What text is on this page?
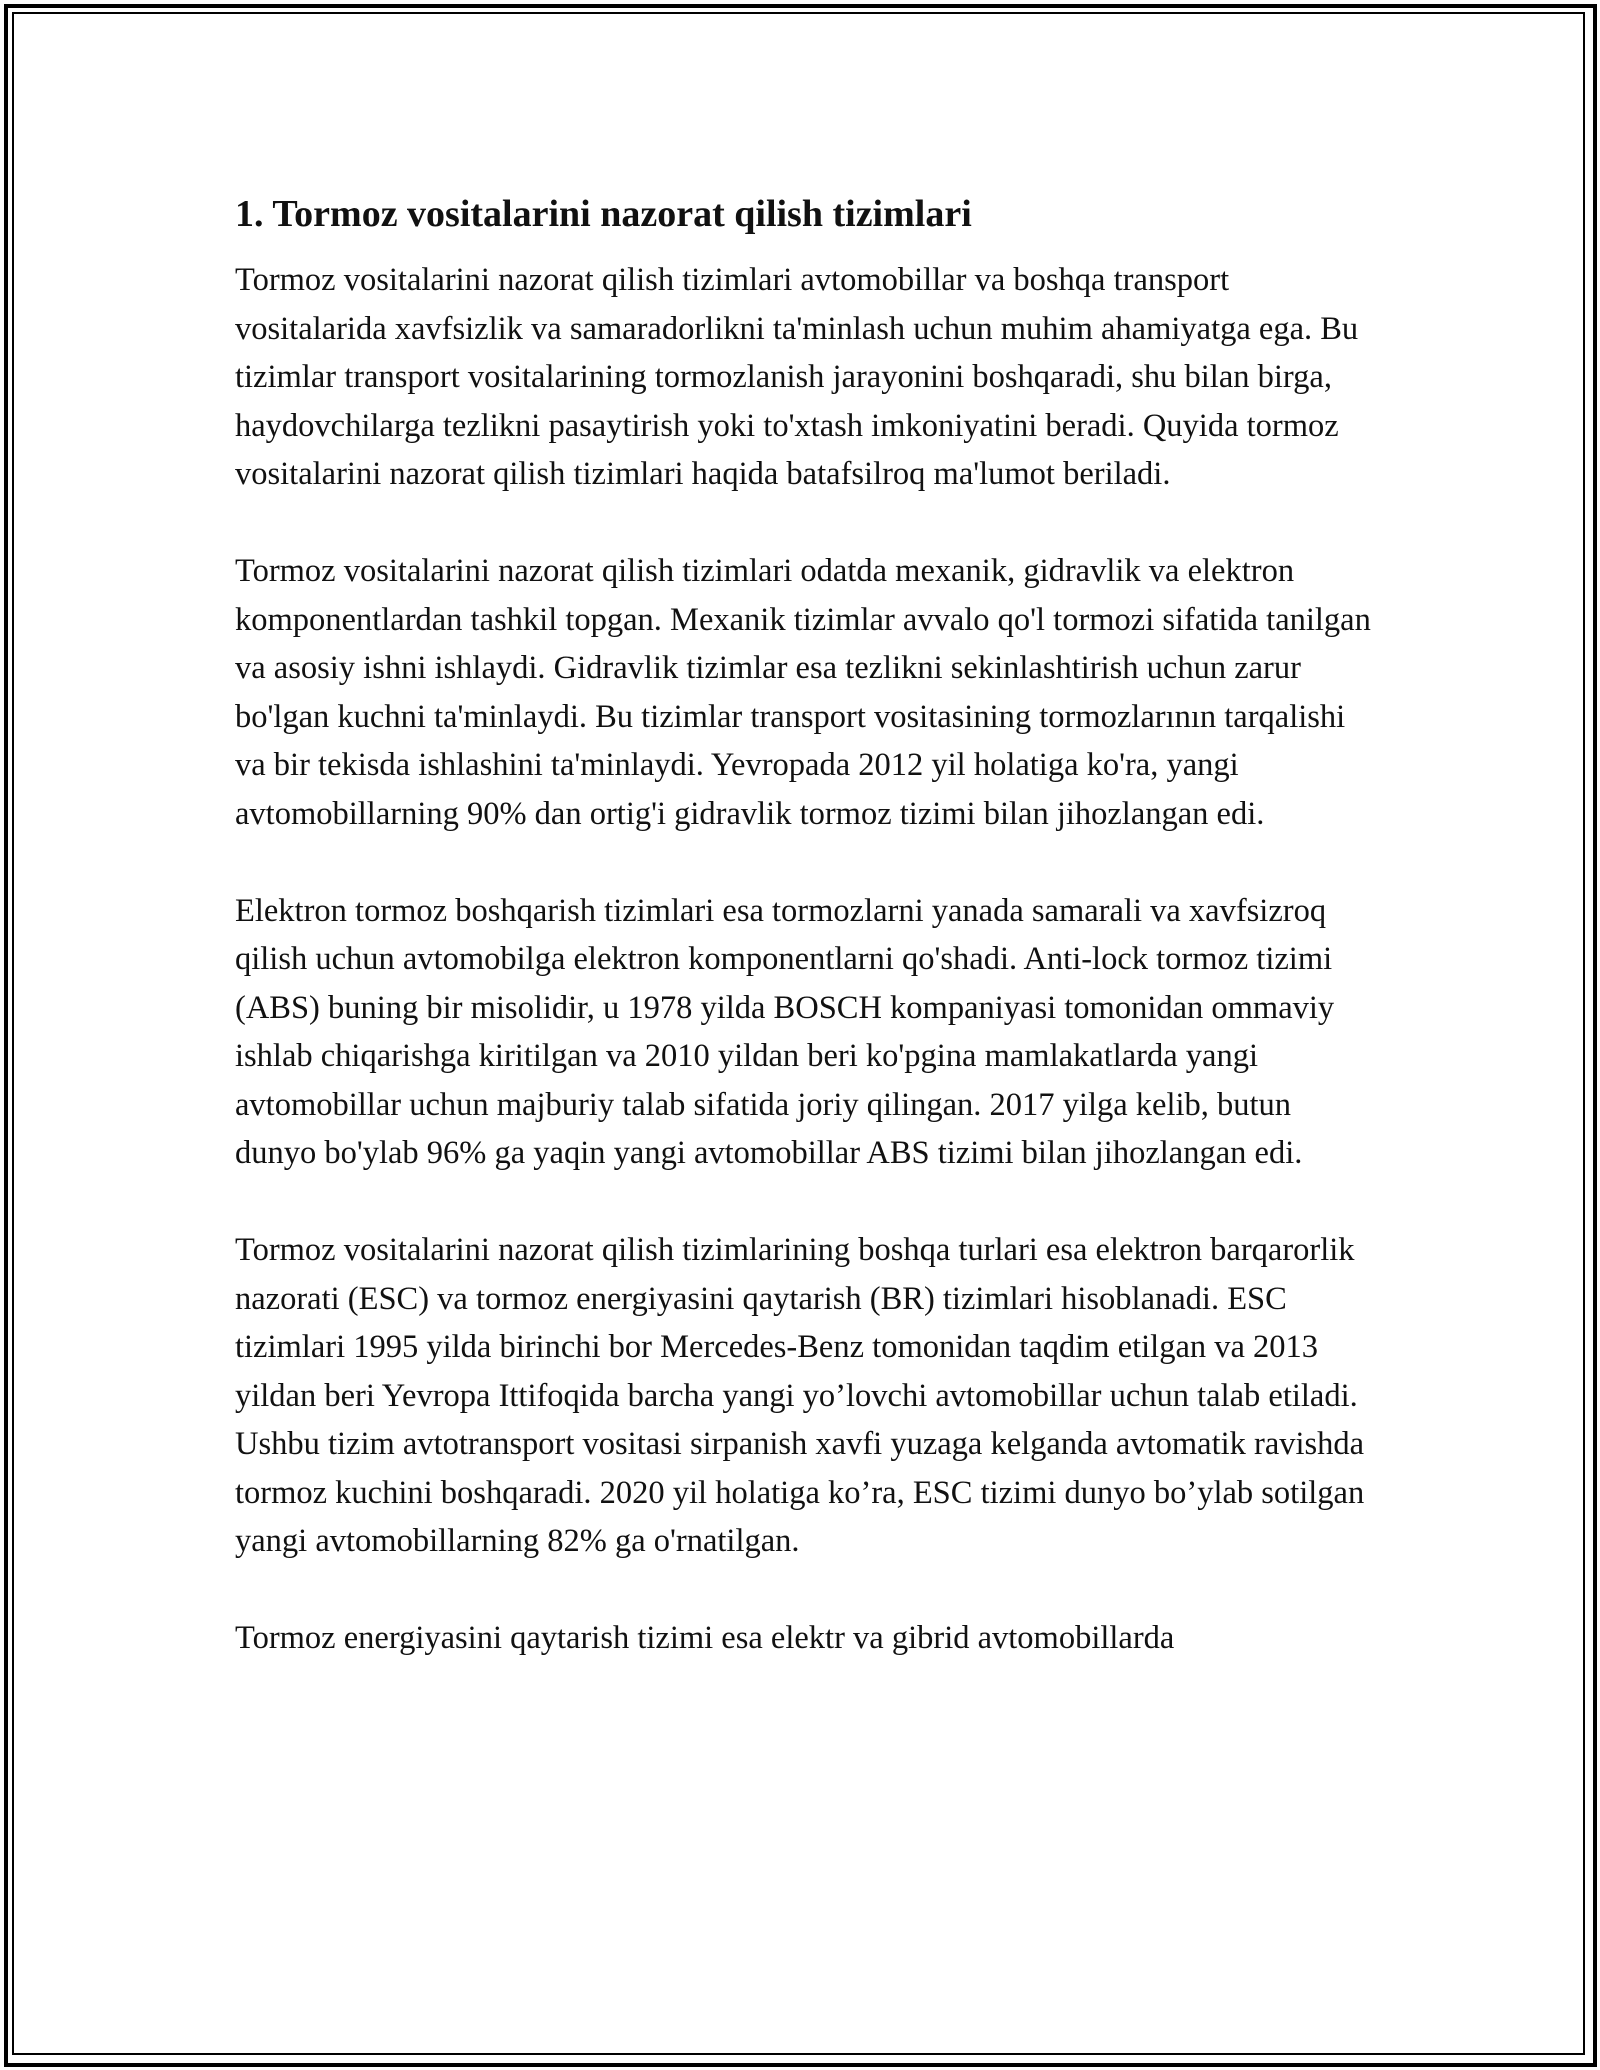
1. Tormoz vositalarini nazorat qilish tizimlari

Tormoz vositalarini nazorat qilish tizimlari avtomobillar va boshqa transport vositalarida xavfsizlik va samaradorlikni ta'minlash uchun muhim ahamiyatga ega. Bu tizimlar transport vositalarining tormozlanish jarayonini boshqaradi, shu bilan birga, haydovchilarga tezlikni pasaytirish yoki to'xtash imkoniyatini beradi. Quyida tormoz vositalarini nazorat qilish tizimlari haqida batafsilroq ma'lumot beriladi.

Tormoz vositalarini nazorat qilish tizimlari odatda mexanik, gidravlik va elektron komponentlardan tashkil topgan. Mexanik tizimlar avvalo qo'l tormozi sifatida tanilgan va asosiy ishni ishlaydi. Gidravlik tizimlar esa tezlikni sekinlashtirish uchun zarur bo'lgan kuchni ta'minlaydi. Bu tizimlar transport vositasining tormozlarının tarqalishi va bir tekisda ishlashini ta'minlaydi. Yevropada 2012 yil holatiga ko'ra, yangi avtomobillarning 90% dan ortig'i gidravlik tormoz tizimi bilan jihozlangan edi.

Elektron tormoz boshqarish tizimlari esa tormozlarni yanada samarali va xavfsizroq qilish uchun avtomobilga elektron komponentlarni qo'shadi. Anti-lock tormoz tizimi (ABS) buning bir misolidir, u 1978 yilda BOSCH kompaniyasi tomonidan ommaviy ishlab chiqarishga kiritilgan va 2010 yildan beri ko'pgina mamlakatlarda yangi avtomobillar uchun majburiy talab sifatida joriy qilingan. 2017 yilga kelib, butun dunyo bo'ylab 96% ga yaqin yangi avtomobillar ABS tizimi bilan jihozlangan edi.

Tormoz vositalarini nazorat qilish tizimlarining boshqa turlari esa elektron barqarorlik nazorati (ESC) va tormoz energiyasini qaytarish (BR) tizimlari hisoblanadi. ESC tizimlari 1995 yilda birinchi bor Mercedes-Benz tomonidan taqdim etilgan va 2013 yildan beri Yevropa Ittifoqida barcha yangi yo’lovchi avtomobillar uchun talab etiladi. Ushbu tizim avtotransport vositasi sirpanish xavfi yuzaga kelganda avtomatik ravishda tormoz kuchini boshqaradi. 2020 yil holatiga ko’ra, ESC tizimi dunyo bo’ylab sotilgan yangi avtomobillarning 82% ga o'rnatilgan.

Tormoz energiyasini qaytarish tizimi esa elektr va gibrid avtomobillarda
